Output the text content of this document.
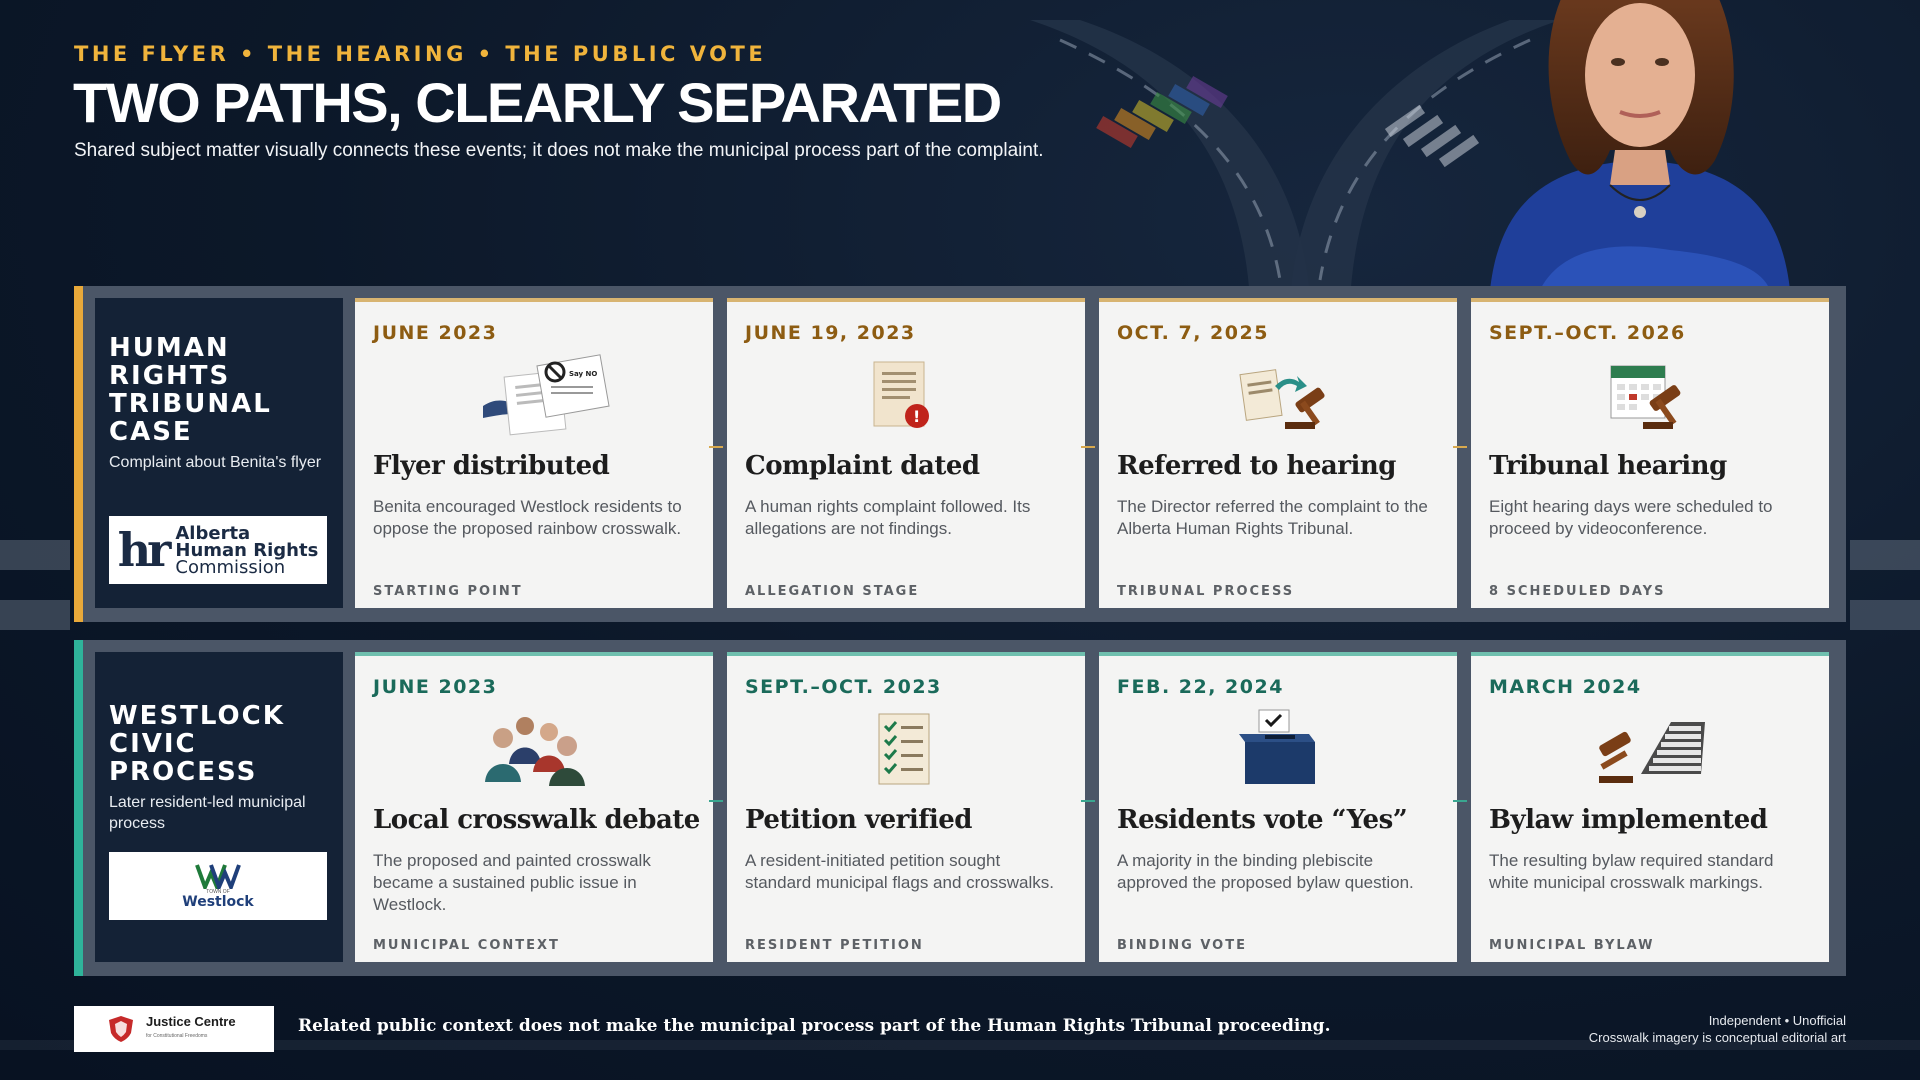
THE FLYER • THE HEARING • THE PUBLIC VOTE
TWO PATHS, CLEARLY SEPARATED
Shared subject matter visually connects these events; it does not make the municipal process part of the complaint.
HUMAN RIGHTS TRIBUNAL CASE
Complaint about Benita's flyer
hr Alberta
Human Rights
Commission
JUNE 2023
Say NO
Flyer distributed
Benita encouraged Westlock residents to oppose the proposed rainbow crosswalk.
STARTING POINT
JUNE 19, 2023
!
Complaint dated
A human rights complaint followed. Its allegations are not findings.
ALLEGATION STAGE
OCT. 7, 2025
Referred to hearing
The Director referred the complaint to the Alberta Human Rights Tribunal.
TRIBUNAL PROCESS
SEPT.–OCT. 2026
Tribunal hearing
Eight hearing days were scheduled to proceed by videoconference.
8 SCHEDULED DAYS
WESTLOCK CIVIC PROCESS
Later resident-led municipal process
TOWN OF
Westlock
JUNE 2023
Local crosswalk debate
The proposed and painted crosswalk became a sustained public issue in Westlock.
MUNICIPAL CONTEXT
SEPT.–OCT. 2023
Petition verified
A resident-initiated petition sought standard municipal flags and crosswalks.
RESIDENT PETITION
FEB. 22, 2024
Residents vote “Yes”
A majority in the binding plebiscite approved the proposed bylaw question.
BINDING VOTE
MARCH 2024
Bylaw implemented
The resulting bylaw required standard white municipal crosswalk markings.
MUNICIPAL BYLAW
Justice Centre
for Constitutional Freedoms	Related public context does not make the municipal process part of the Human Rights Tribunal proceeding.	Independent • Unofficial
Crosswalk imagery is conceptual editorial art
